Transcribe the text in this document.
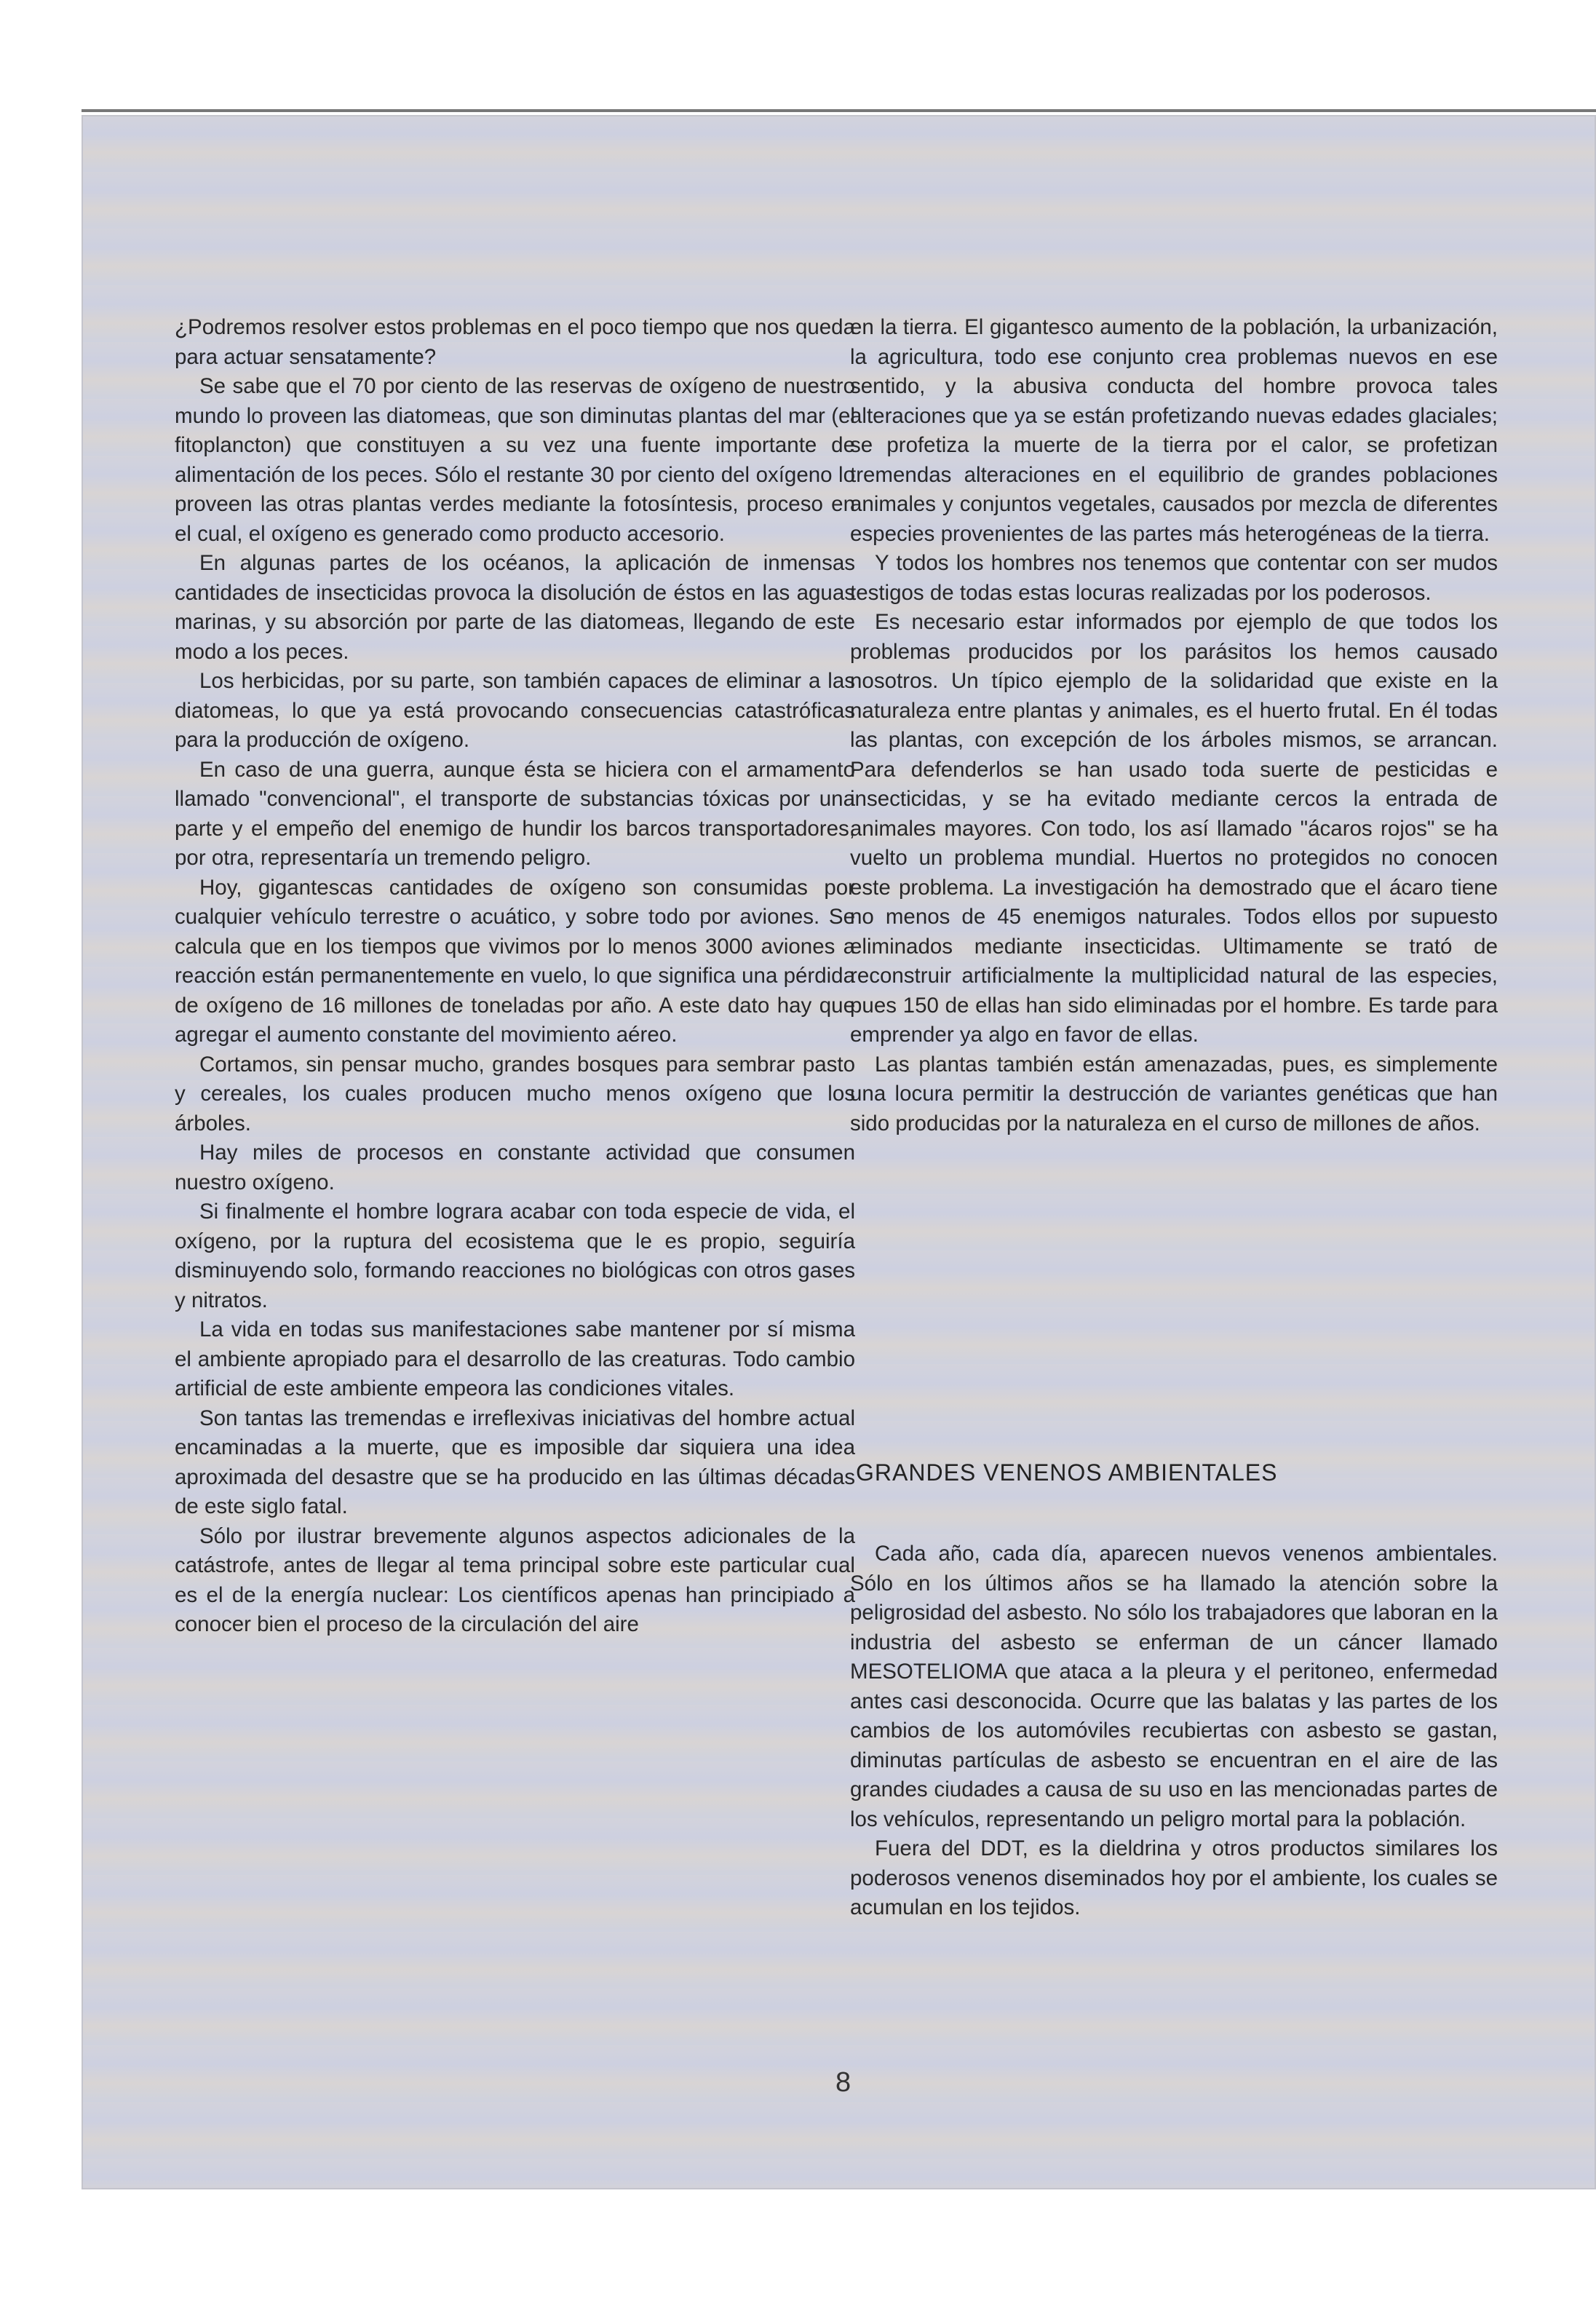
¿Podremos resolver estos problemas en el poco tiempo que nos queda para actuar sensatamente?

Se sabe que el 70 por ciento de las reservas de oxígeno de nuestro mundo lo proveen las diatomeas, que son diminutas plantas del mar (el fitoplancton) que constituyen a su vez una fuente importante de alimentación de los peces. Sólo el restante 30 por ciento del oxígeno lo proveen las otras plantas verdes mediante la fotosíntesis, proceso en el cual, el oxígeno es generado como producto accesorio.

En algunas partes de los océanos, la aplicación de inmensas cantidades de insecticidas provoca la disolución de éstos en las aguas marinas, y su absorción por parte de las diatomeas, llegando de este modo a los peces.

Los herbicidas, por su parte, son también capaces de eliminar a las diatomeas, lo que ya está provocando consecuencias catastróficas para la producción de oxígeno.

En caso de una guerra, aunque ésta se hiciera con el armamento llamado "convencional", el transporte de substancias tóxicas por una parte y el empeño del enemigo de hundir los barcos transportadores, por otra, representaría un tremendo peligro.

Hoy, gigantescas cantidades de oxígeno son consumidas por cualquier vehículo terrestre o acuático, y sobre todo por aviones. Se calcula que en los tiempos que vivimos por lo menos 3000 aviones a reacción están permanentemente en vuelo, lo que significa una pérdida de oxígeno de 16 millones de toneladas por año. A este dato hay que agregar el aumento constante del movimiento aéreo.

Cortamos, sin pensar mucho, grandes bosques para sembrar pasto y cereales, los cuales producen mucho menos oxígeno que los árboles.

Hay miles de procesos en constante actividad que consumen nuestro oxígeno.

Si finalmente el hombre lograra acabar con toda especie de vida, el oxígeno, por la ruptura del ecosistema que le es propio, seguiría disminuyendo solo, formando reacciones no biológicas con otros gases y nitratos.

La vida en todas sus manifestaciones sabe mantener por sí misma el ambiente apropiado para el desarrollo de las creaturas. Todo cambio artificial de este ambiente empeora las condiciones vitales.

Son tantas las tremendas e irreflexivas iniciativas del hombre actual encaminadas a la muerte, que es imposible dar siquiera una idea aproximada del desastre que se ha producido en las últimas décadas de este siglo fatal.

Sólo por ilustrar brevemente algunos aspectos adicionales de la catástrofe, antes de llegar al tema principal sobre este particular cual es el de la energía nuclear: Los científicos apenas han principiado a conocer bien el proceso de la circulación del aire

en la tierra. El gigantesco aumento de la población, la urbanización, la agricultura, todo ese conjunto crea problemas nuevos en ese sentido, y la abusiva conducta del hombre provoca tales alteraciones que ya se están profetizando nuevas edades glaciales; se profetiza la muerte de la tierra por el calor, se profetizan tremendas alteraciones en el equilibrio de grandes poblaciones animales y conjuntos vegetales, causados por mezcla de diferentes especies provenientes de las partes más heterogéneas de la tierra.

Y todos los hombres nos tenemos que contentar con ser mudos testigos de todas estas locuras realizadas por los poderosos.

Es necesario estar informados por ejemplo de que todos los problemas producidos por los parásitos los hemos causado nosotros. Un típico ejemplo de la solidaridad que existe en la naturaleza entre plantas y animales, es el huerto frutal. En él todas las plantas, con excepción de los árboles mismos, se arrancan. Para defenderlos se han usado toda suerte de pesticidas e insecticidas, y se ha evitado mediante cercos la entrada de animales mayores. Con todo, los así llamado "ácaros rojos" se ha vuelto un problema mundial. Huertos no protegidos no conocen este problema. La investigación ha demostrado que el ácaro tiene no menos de 45 enemigos naturales. Todos ellos por supuesto eliminados mediante insecticidas. Ultimamente se trató de reconstruir artificialmente la multiplicidad natural de las especies, pues 150 de ellas han sido eliminadas por el hombre. Es tarde para emprender ya algo en favor de ellas.

Las plantas también están amenazadas, pues, es simplemente una locura permitir la destrucción de variantes genéticas que han sido producidas por la naturaleza en el curso de millones de años.

GRANDES VENENOS AMBIENTALES

Cada año, cada día, aparecen nuevos venenos ambientales. Sólo en los últimos años se ha llamado la atención sobre la peligrosidad del asbesto. No sólo los trabajadores que laboran en la industria del asbesto se enferman de un cáncer llamado MESOTELIOMA que ataca a la pleura y el peritoneo, enfermedad antes casi desconocida. Ocurre que las balatas y las partes de los cambios de los automóviles recubiertas con asbesto se gastan, diminutas partículas de asbesto se encuentran en el aire de las grandes ciudades a causa de su uso en las mencionadas partes de los vehículos, representando un peligro mortal para la población.

Fuera del DDT, es la dieldrina y otros productos similares los poderosos venenos diseminados hoy por el ambiente, los cuales se acumulan en los tejidos.

8
